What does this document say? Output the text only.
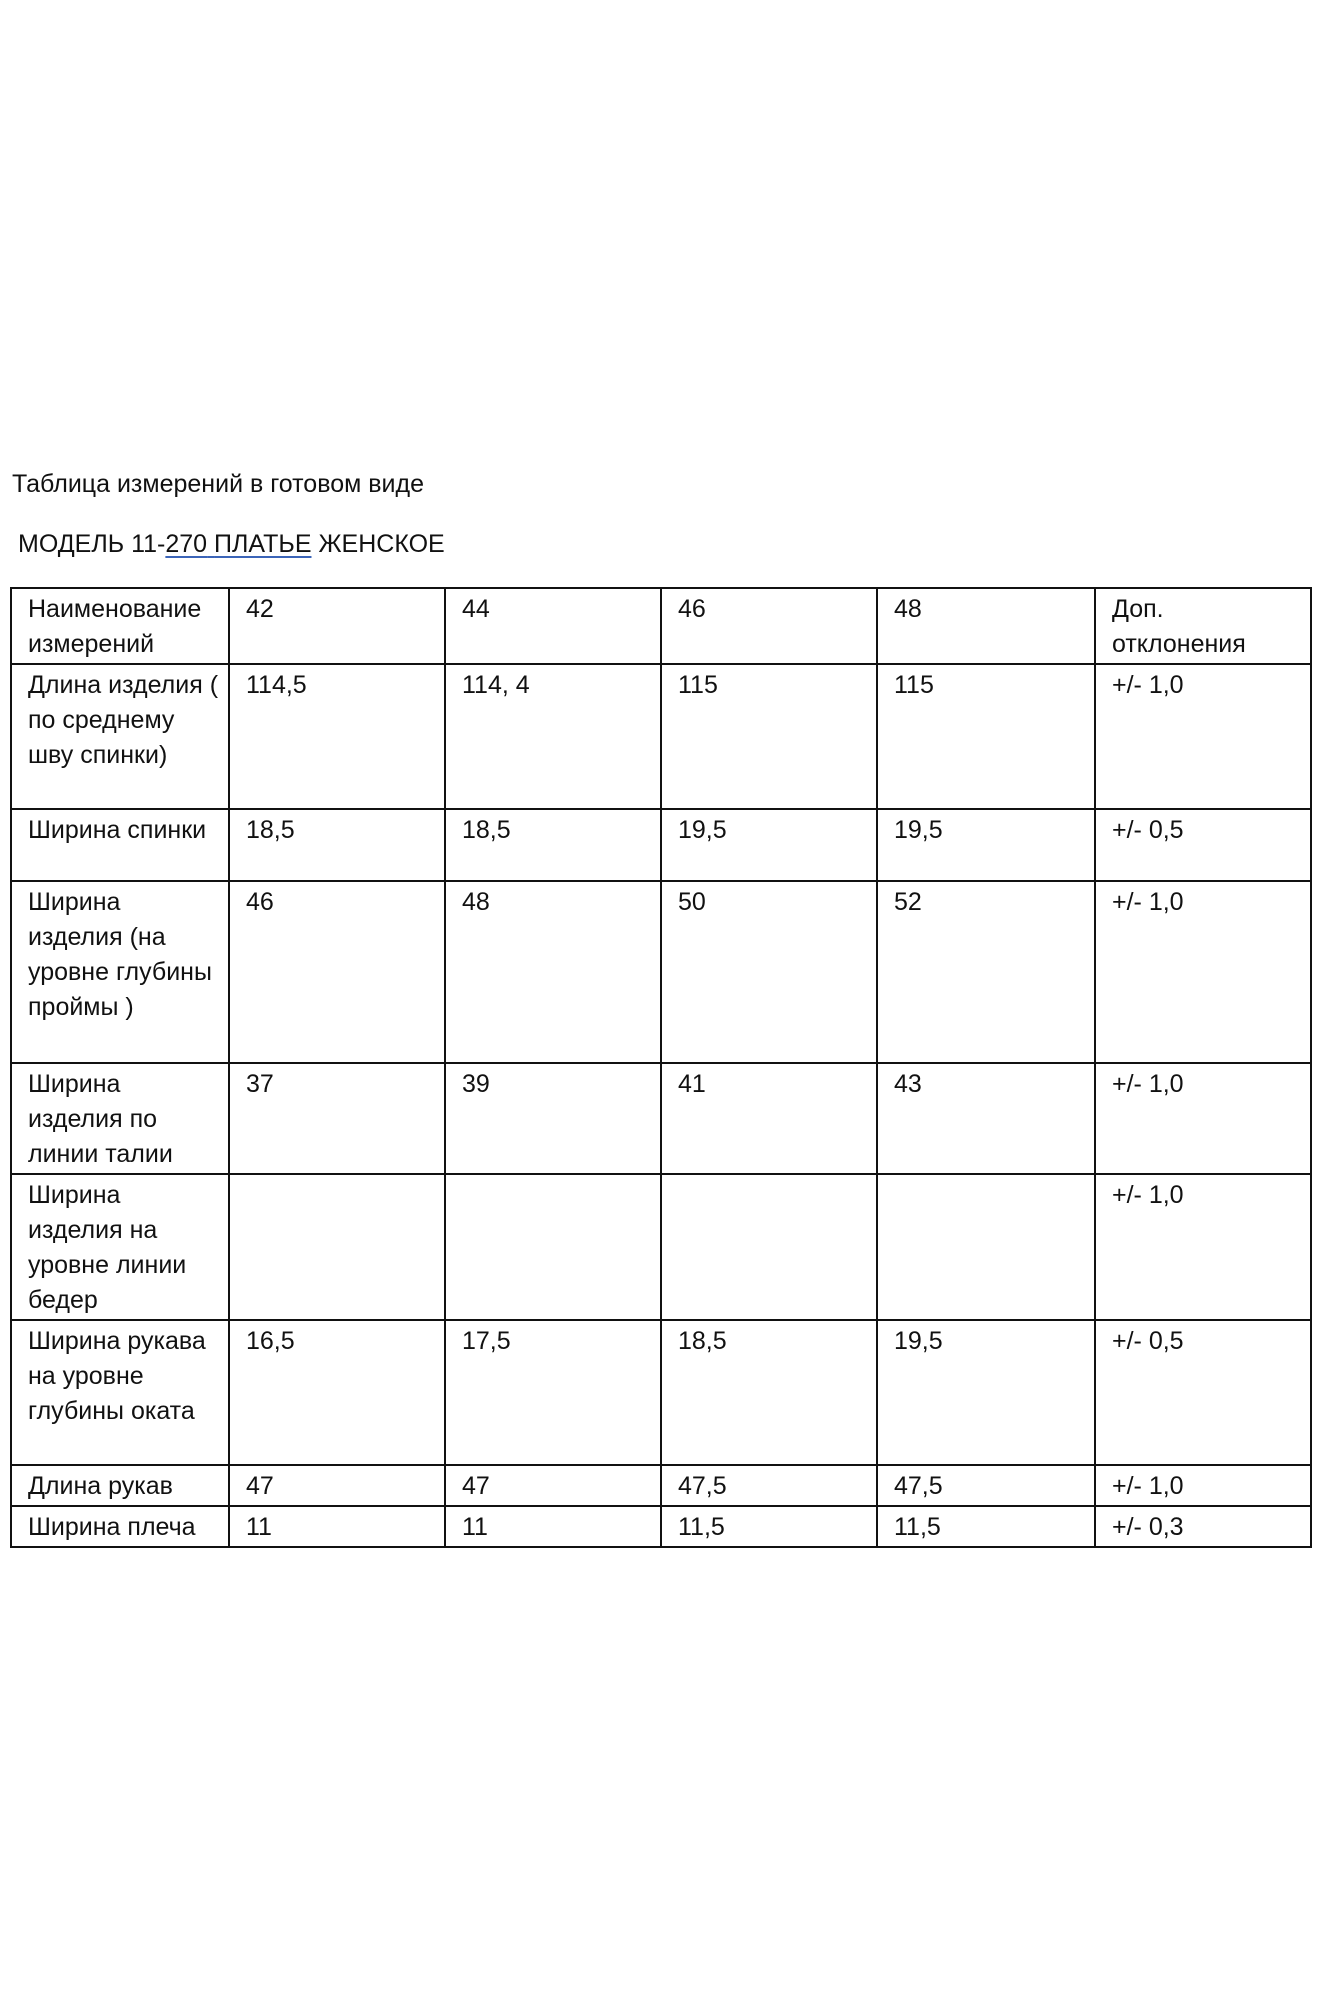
Таблица измерений в готовом виде
МОДЕЛЬ 11-270 ПЛАТЬЕ ЖЕНСКОЕ
Наименование измерений	42	44	46	48	Доп. отклонения
Длина изделия ( по среднему шву спинки)	114,5	114, 4	115	115	+/- 1,0
Ширина спинки	18,5	18,5	19,5	19,5	+/- 0,5
Ширина изделия (на уровне глубины проймы )	46	48	50	52	+/- 1,0
Ширина изделия по линии талии	37	39	41	43	+/- 1,0
Ширина изделия на уровне линии бедер					+/- 1,0
Ширина рукава на уровне глубины оката	16,5	17,5	18,5	19,5	+/- 0,5
Длина рукав	47	47	47,5	47,5	+/- 1,0
Ширина плеча	11	11	11,5	11,5	+/- 0,3
